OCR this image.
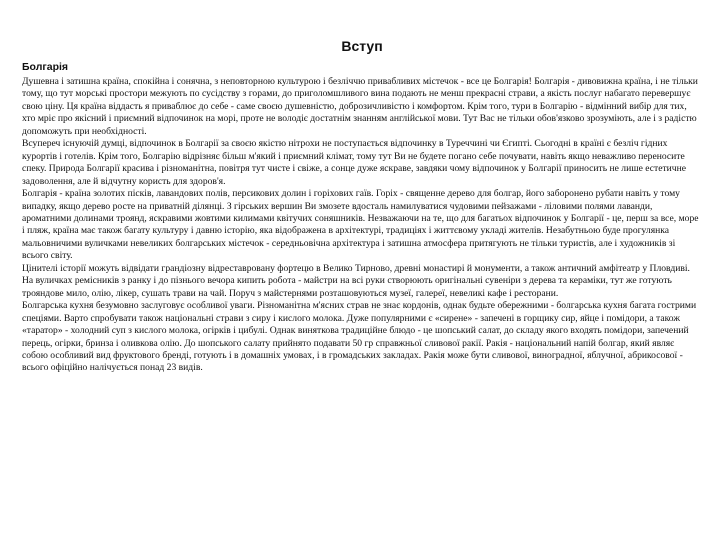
Вступ
Болгарія

Душевна і затишна країна, спокійна і сонячна, з неповторною культурою і безліччю привабливих містечок - все це Болгарія! Болгарія - дивовижна країна, і не тільки тому, що тут морські простори межують по сусідству з горами, до приголомшливого вина подають не менш прекрасні страви, а якість послуг набагато перевершує свою ціну. Ця країна віддасть я приваблює до себе - саме своєю душевністю, доброзичливістю і комфортом. Крім того, тури в Болгарію - відмінний вибір для тих, хто мріє про якісний і приємний відпочинок на морі, проте не володіє достатнім знанням англійської мови. Тут Вас не тільки обов'язково зрозуміють, але і з радістю допоможуть при необхідності.

Всупереч існуючій думці, відпочинок в Болгарії за своєю якістю нітрохи не поступається відпочинку в Туреччині чи Єгипті. Сьогодні в країні є безліч гідних курортів і готелів. Крім того, Болгарію відрізняє більш м'який і приємний клімат, тому тут Ви не будете погано себе почувати, навіть якщо неважливо переносите спеку. Природа Болгарії красива і різноманітна, повітря тут чисте і свіже, а сонце дуже яскраве, завдяки чому відпочинок у Болгарії приносить не лише естетичне задоволення, але й відчутну користь для здоров'я.

Болгарія - країна золотих пісків, лавандових полів, персикових долин і горіхових гаїв. Горіх - священне дерево для болгар, його заборонено рубати навіть у тому випадку, якщо дерево росте на приватній ділянці. З гірських вершин Ви змозете вдосталь намилуватися чудовими пейзажами - ліловими полями лаванди, ароматними долинами троянд, яскравими жовтими килимами квітучих соняшників. Незважаючи на те, що для багатьох відпочинок у Болгарії - це, перш за все, море і пляж, країна має також багату культуру і давню історію, яка відображена в архітектурі, традиціях і життєвому укладі жителів. Незабутньою буде прогулянка мальовничими вуличками невеликих болгарських містечок - середньовічна архітектура і затишна атмосфера притягують не тільки туристів, але і художників зі всього світу.

Цінителі історії можуть відвідати грандіозну відреставровану фортецю в Велико Тирново, древні монастирі й монументи, а також античний амфітеатр у Пловдиві. На вуличках ремісників з ранку і до пізнього вечора кипить робота - майстри на всі руки створюють оригінальні сувеніри з дерева та кераміки, тут же готують трояндове мило, олію, лікер, сушать трави на чай. Поруч з майстернями розташовуються музеї, галереї, невеликі кафе і ресторани.

Болгарська кухня безумовно заслуговує особливої уваги. Різноманітна м'ясних страв не знає кордонів, однак будьте обережними - болгарська кухня багата гострими спеціями. Варто спробувати також національні страви з сиру і кислого молока. Дуже популярними є «сирене» - запечені в горщику сир, яйце і помідори, а також «таратор» - холодний суп з кислого молока, огірків і цибулі. Однак виняткова традиційне блюдо - це шопський салат, до складу якого входять помідори, запечений перець, огірки, бринза і оливкова олію. До шопського салату прийнято подавати 50 гр справжньої сливової ракії. Ракія - національний напій болгар, який являє собою особливий вид фруктового бренді, готують і в домашніх умовах, і в громадських закладах. Ракія може бути сливової, виноградної, яблучної, абрикосової - всього офіційно налічується понад 23 видів.
